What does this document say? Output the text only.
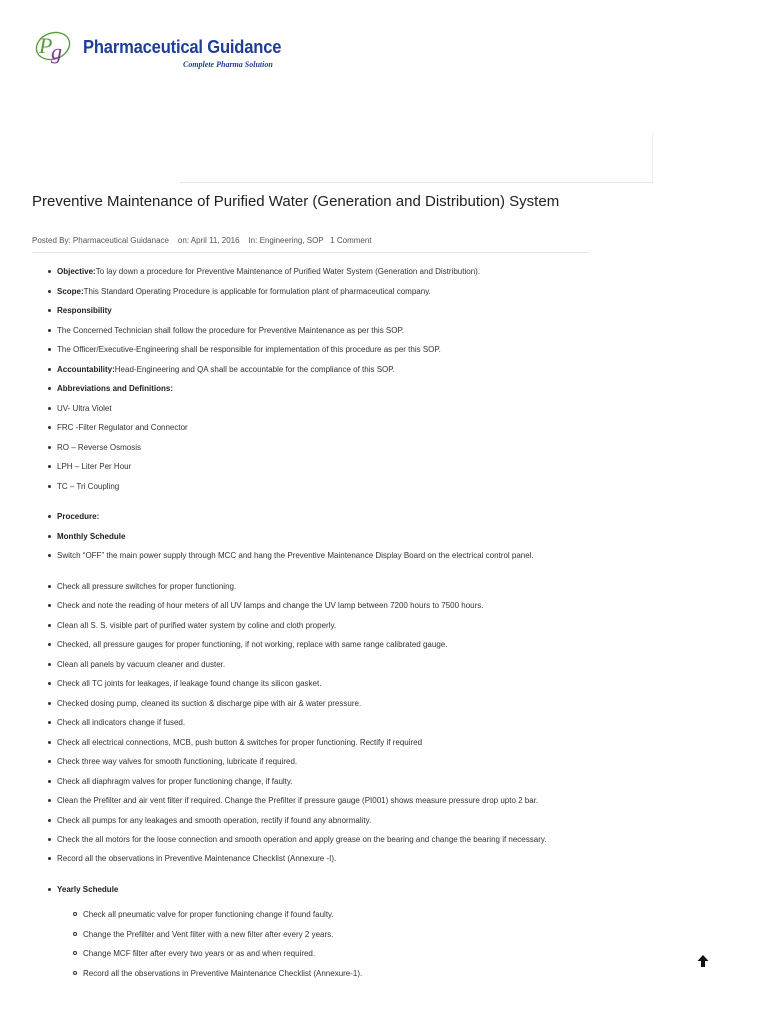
P
g Pharmaceutical Guidance
Complete Pharma Solution
Preventive Maintenance of Purified Water (Generation and Distribution) System
Posted By: Pharmaceutical Guidanace on: April 11, 2016 In: Engineering, SOP 1 Comment
Objective:To lay down a procedure for Preventive Maintenance of Purified Water System (Generation and Distribution).
Scope:This Standard Operating Procedure is applicable for formulation plant of pharmaceutical company.
Responsibility
The Concerned Technician shall follow the procedure for Preventive Maintenance as per this SOP.
The Officer/Executive-Engineering shall be responsible for implementation of this procedure as per this SOP.
Accountability:Head-Engineering and QA shall be accountable for the compliance of this SOP.
Abbreviations and Definitions:
UV- Ultra Violet
FRC -Filter Regulator and Connector
RO – Reverse Osmosis
LPH – Liter Per Hour
TC – Tri Coupling
Procedure:
Monthly Schedule
Switch “OFF” the main power supply through MCC and hang the Preventive Maintenance Display Board on the electrical control panel.
Check all pressure switches for proper functioning.
Check and note the reading of hour meters of all UV lamps and change the UV lamp between 7200 hours to 7500 hours.
Clean all S. S. visible part of purified water system by coline and cloth properly.
Checked, all pressure gauges for proper functioning, if not working, replace with same range calibrated gauge.
Clean all panels by vacuum cleaner and duster.
Check all TC joints for leakages, if leakage found change its silicon gasket.
Checked dosing pump, cleaned its suction & discharge pipe with air & water pressure.
Check all indicators change if fused.
Check all electrical connections, MCB, push button & switches for proper functioning. Rectify if required
Check three way valves for smooth functioning, lubricate if required.
Check all diaphragm valves for proper functioning change, if faulty.
Clean the Prefilter and air vent filter if required. Change the Prefilter if pressure gauge (PI001) shows measure pressure drop upto 2 bar.
Check all pumps for any leakages and smooth operation, rectify if found any abnormality.
Check the all motors for the loose connection and smooth operation and apply grease on the bearing and change the bearing if necessary.
Record all the observations in Preventive Maintenance Checklist (Annexure -I).
Yearly Schedule
Check all pneumatic valve for proper functioning change if found faulty.
Change the Prefilter and Vent filter with a new filter after every 2 years.
Change MCF filter after every two years or as and when required.
Record all the observations in Preventive Maintenance Checklist (Annexure-1).
